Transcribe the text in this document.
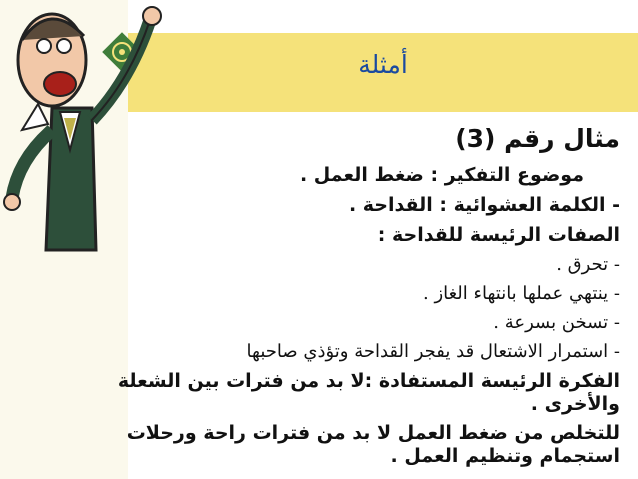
أمثلة
مثال رقم (3)
موضوع التفكير : ضغط العمل .
- الكلمة العشوائية : القداحة .
الصفات الرئيسة للقداحة :
- تحرق .
- ينتهي عملها بانتهاء الغاز .
- تسخن بسرعة .
- استمرار الاشتعال قد يفجر القداحة وتؤذي صاحبها
الفكرة الرئيسة المستفادة :لا بد من فترات بين الشعلة والأخرى .
للتخلص من ضغط العمل لا بد من فترات راحة ورحلات استجمام وتنظيم العمل .
